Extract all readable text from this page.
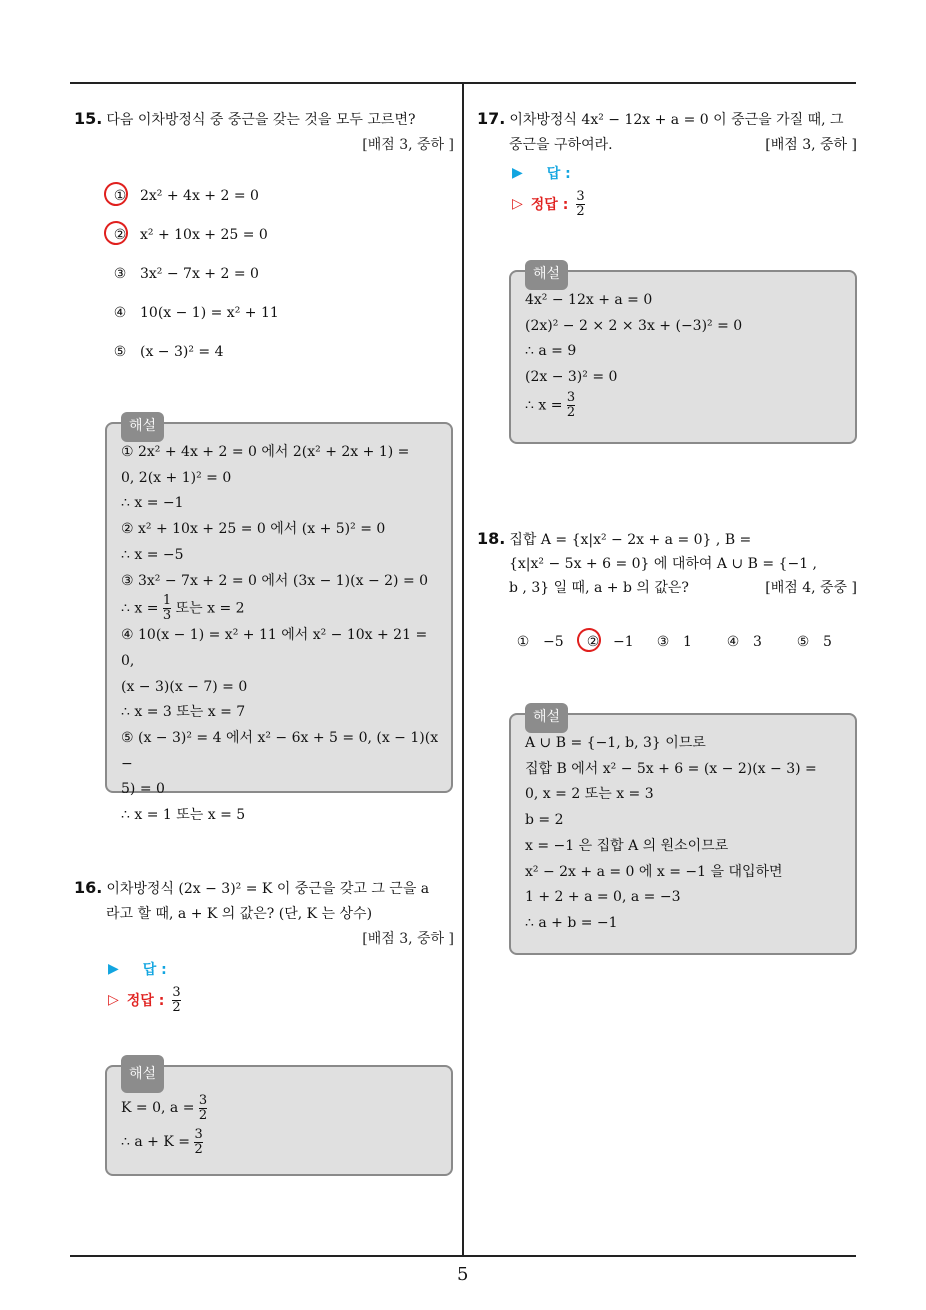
5
15. 다음 이차방정식 중 중근을 갖는 것을 모두 고르면?
[배점 3, 중하 ]
① 2x² + 4x + 2 = 0
② x² + 10x + 25 = 0
③ 3x² − 7x + 2 = 0
④ 10(x − 1) = x² + 11
⑤ (x − 3)² = 4
해설
① 2x² + 4x + 2 = 0 에서 2(x² + 2x + 1) =
0, 2(x + 1)² = 0
∴ x = −1
② x² + 10x + 25 = 0 에서 (x + 5)² = 0
∴ x = −5
③ 3x² − 7x + 2 = 0 에서 (3x − 1)(x − 2) = 0
∴ $x = \frac{1}{3}$ 또는 x = 2
④ 10(x − 1) = x² + 11 에서 x² − 10x + 21 = 0,
(x − 3)(x − 7) = 0
∴ x = 3 또는 x = 7
⑤ (x − 3)² = 4 에서 x² − 6x + 5 = 0, (x − 1)(x −
5) = 0
∴ x = 1 또는 x = 5
16. 이차방정식 (2x − 3)² = K 이 중근을 갖고 그 근을 a
라고 할 때, a + K 의 값은? (단, K 는 상수)
[배점 3, 중하 ]
▶ 답 :
▷ 정답 : $\frac{3}{2}$
해설
K = 0, $a = \frac{3}{2}$
∴ $a + K = \frac{3}{2}$
17. 이차방정식 4x² − 12x + a = 0 이 중근을 가질 때, 그
중근을 구하여라.	[배점 3, 중하 ]
▶ 답 :
▷ 정답 : $\frac{3}{2}$
해설
4x² − 12x + a = 0
(2x)² − 2 × 2 × 3x + (−3)² = 0
∴ a = 9
(2x − 3)² = 0
∴ $x = \frac{3}{2}$
18. 집합 A = {x|x² − 2x + a = 0} , B =
{x|x² − 5x + 6 = 0} 에 대하여 A ∪ B = {−1 ,
b , 3} 일 때, a + b 의 값은?	[배점 4, 중중 ]
① −5 ② −1 ③ 1 ④ 3 ⑤ 5
해설
A ∪ B = {−1, b, 3} 이므로
집합 B 에서 x² − 5x + 6 = (x − 2)(x − 3) =
0, x = 2 또는 x = 3
b = 2
x = −1 은 집합 A 의 원소이므로
x² − 2x + a = 0 에 x = −1 을 대입하면
1 + 2 + a = 0, a = −3
∴ a + b = −1
